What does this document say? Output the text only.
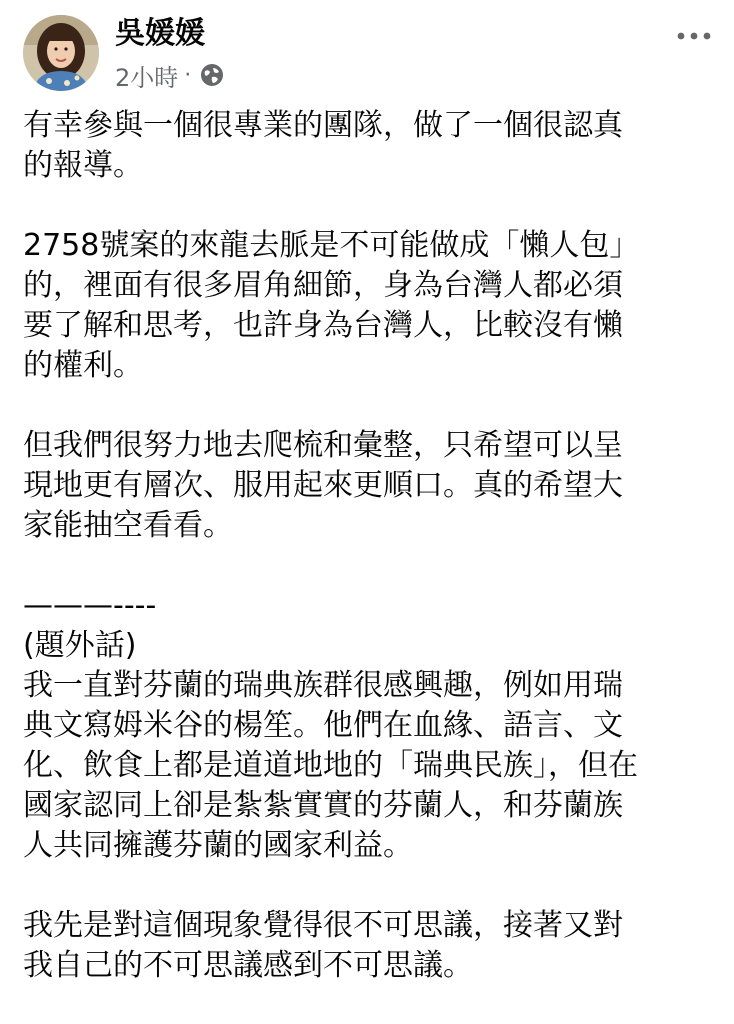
吳媛媛
2小時 ·

有幸參與一個很專業的團隊，做了一個很認真
的報導。

2758號案的來龍去脈是不可能做成「懶人包」
的，裡面有很多眉角細節，身為台灣人都必須
要了解和思考，也許身為台灣人，比較沒有懶
的權利。

但我們很努力地去爬梳和彙整，只希望可以呈
現地更有層次、服用起來更順口。真的希望大
家能抽空看看。

———----
(題外話)

我一直對芬蘭的瑞典族群很感興趣，例如用瑞
典文寫姆米谷的楊笙。他們在血緣、語言、文
化、飲食上都是道道地地的「瑞典民族」，但在
國家認同上卻是紮紮實實的芬蘭人，和芬蘭族
人共同擁護芬蘭的國家利益。

我先是對這個現象覺得很不可思議，接著又對
我自己的不可思議感到不可思議。
